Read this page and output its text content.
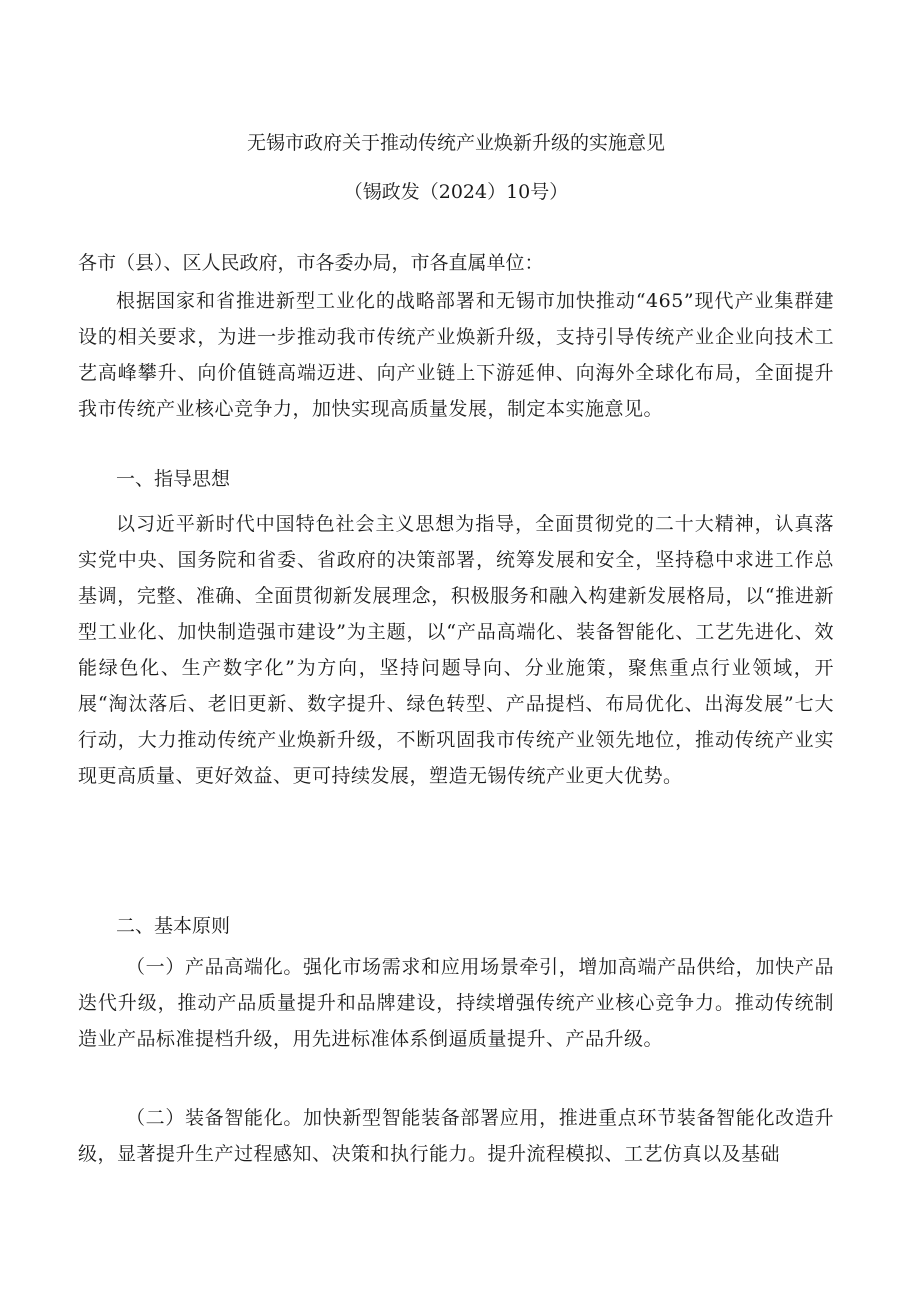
无锡市政府关于推动传统产业焕新升级的实施意见
（锡政发（2024）10号）
各市（县）、区人民政府，市各委办局，市各直属单位：

根据国家和省推进新型工业化的战略部署和无锡市加快推动“465”现代产业集群建设的相关要求，为进一步推动我市传统产业焕新升级，支持引导传统产业企业向技术工艺高峰攀升、向价值链高端迈进、向产业链上下游延伸、向海外全球化布局，全面提升我市传统产业核心竞争力，加快实现高质量发展，制定本实施意见。

一、指导思想

以习近平新时代中国特色社会主义思想为指导，全面贯彻党的二十大精神，认真落实党中央、国务院和省委、省政府的决策部署，统筹发展和安全，坚持稳中求进工作总基调，完整、准确、全面贯彻新发展理念，积极服务和融入构建新发展格局，以“推进新型工业化、加快制造强市建设”为主题，以“产品高端化、装备智能化、工艺先进化、效能绿色化、生产数字化”为方向，坚持问题导向、分业施策，聚焦重点行业领域，开展“淘汰落后、老旧更新、数字提升、绿色转型、产品提档、布局优化、出海发展”七大行动，大力推动传统产业焕新升级，不断巩固我市传统产业领先地位，推动传统产业实现更高质量、更好效益、更可持续发展，塑造无锡传统产业更大优势。

二、基本原则

（一）产品高端化。强化市场需求和应用场景牵引，增加高端产品供给，加快产品迭代升级，推动产品质量提升和品牌建设，持续增强传统产业核心竞争力。推动传统制造业产品标准提档升级，用先进标准体系倒逼质量提升、产品升级。

（二）装备智能化。加快新型智能装备部署应用，推进重点环节装备智能化改造升级，显著提升生产过程感知、决策和执行能力。提升流程模拟、工艺仿真以及基础
